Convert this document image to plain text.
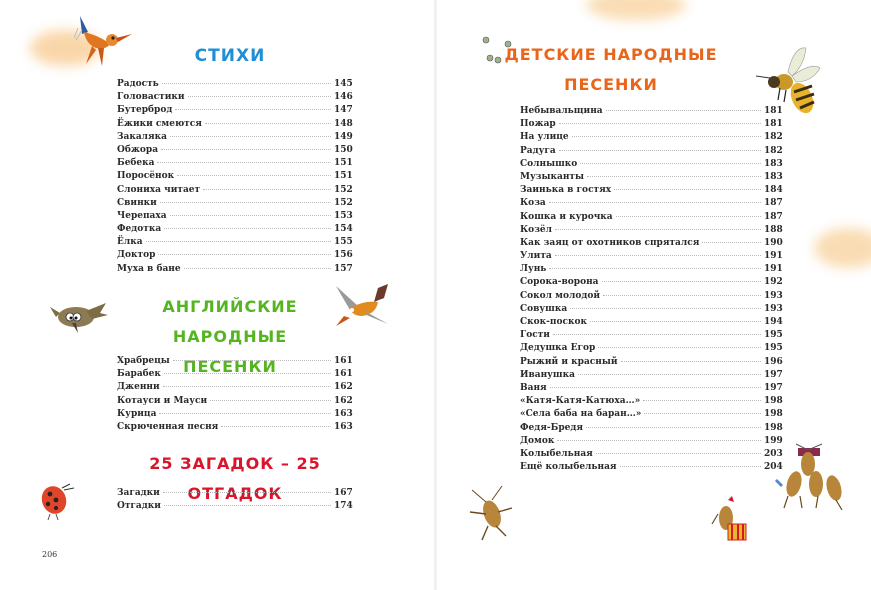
СТИХИ
Радость	145
Головастики	146
Бутерброд	147
Ёжики смеются	148
Закаляка	149
Обжора	150
Бебека	151
Поросёнок	151
Слониха читает	152
Свинки	152
Черепаха	153
Федотка	154
Ёлка	155
Доктор	156
Муха в бане	157
АНГЛИЙСКИЕ
НАРОДНЫЕ ПЕСЕНКИ
Храбрецы	161
Барабек	161
Дженни	162
Котауси и Мауси	162
Курица	163
Скрюченная песня	163
25 ЗАГАДОК – 25 ОТГАДОК
Загадки	167
Отгадки	174
206
ДЕТСКИЕ НАРОДНЫЕ
ПЕСЕНКИ
Небывальщина	181
Пожар	181
На улице	182
Радуга	182
Солнышко	183
Музыканты	183
Заинька в гостях	184
Коза	187
Кошка и курочка	187
Козёл	188
Как заяц от охотников спрятался	190
Улита	191
Лунь	191
Сорока-ворона	192
Сокол молодой	193
Совушка	193
Скок-поскок	194
Гости	195
Дедушка Егор	195
Рыжий и красный	196
Иванушка	197
Ваня	197
«Катя-Катя-Катюха…»	198
«Села баба на баран…»	198
Федя-Бредя	198
Домок	199
Колыбельная	203
Ещё колыбельная	204
